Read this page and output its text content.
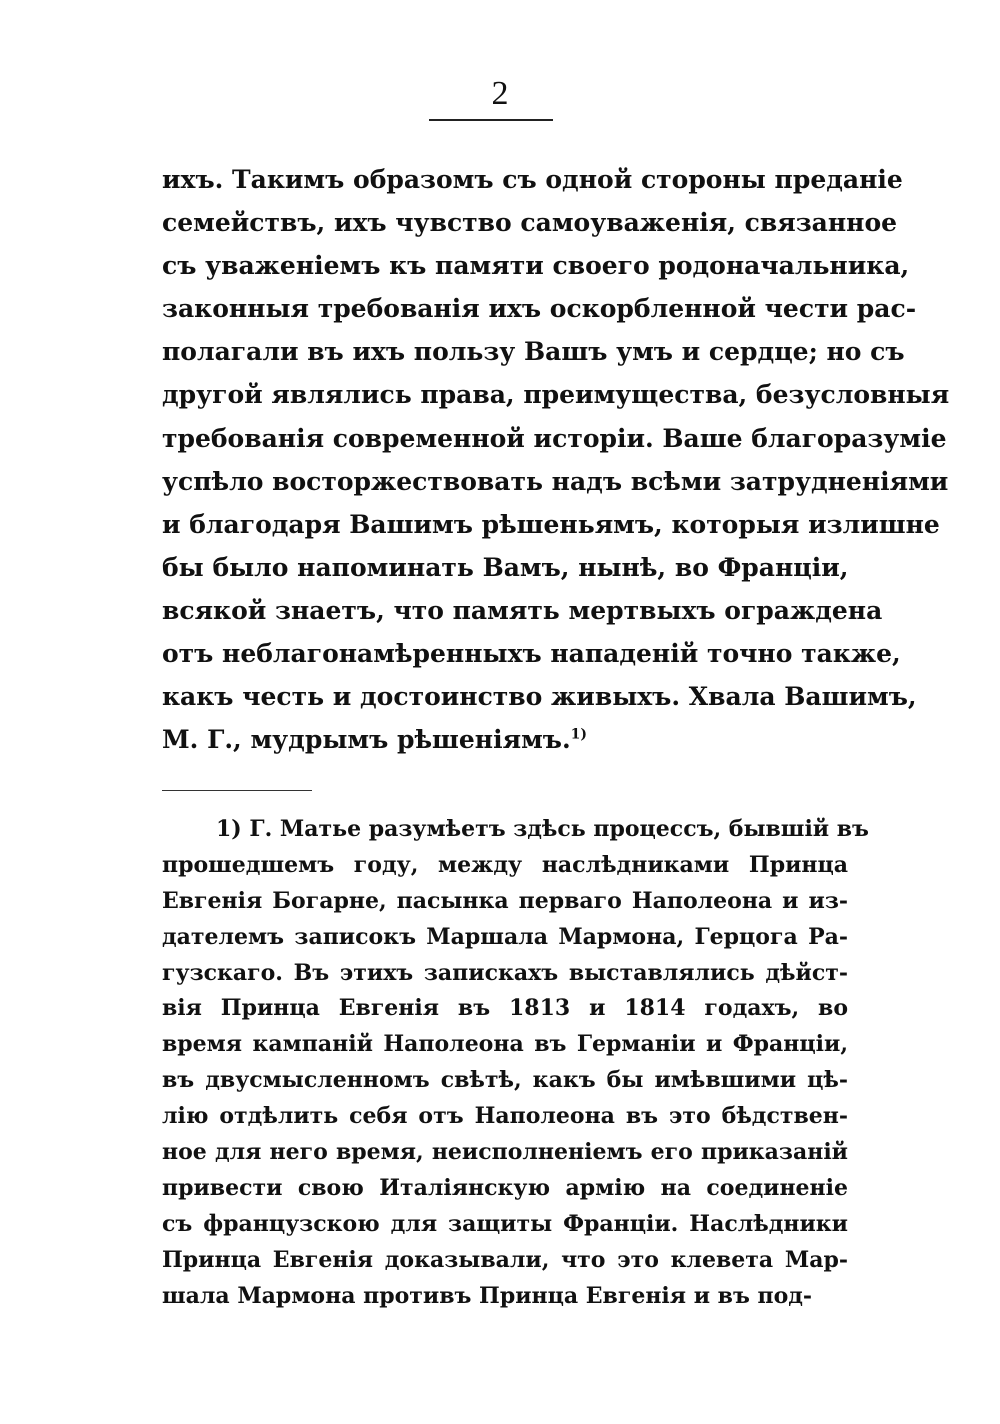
2
ихъ. Такимъ образомъ съ одной стороны преданіе
семействъ, ихъ чувство самоуваженія, связанное
съ уваженіемъ къ памяти своего родоначальника,
законныя требованія ихъ оскорбленной чести рас-
полагали въ ихъ пользу Вашъ умъ и сердце; но съ
другой являлись права, преимущества, безусловныя
требованія современной исторіи. Ваше благоразуміе
успѣло восторжествовать надъ всѣми затрудненіями
и благодаря Вашимъ рѣшеньямъ, которыя излишне
бы было напоминать Вамъ, нынѣ, во Франціи,
всякой знаетъ, что память мертвыхъ ограждена
отъ неблагонамѣренныхъ нападеній точно также,
какъ честь и достоинство живыхъ. Хвала Вашимъ,
М. Г., мудрымъ рѣшеніямъ.$^{1)}$
1) Г. Матье разумѣетъ здѣсь процессъ, бывшій въ
прошедшемъ году, между наслѣдниками Принца
Евгенія Богарне, пасынка перваго Наполеона и из-
дателемъ записокъ Маршала Мармона, Герцога Ра-
гузскаго. Въ этихъ запискахъ выставлялись дѣйст-
вія Принца Евгенія въ 1813 и 1814 годахъ, во
время кампаній Наполеона въ Германіи и Франціи,
въ двусмысленномъ свѣтѣ, какъ бы имѣвшими цѣ-
лію отдѣлить себя отъ Наполеона въ это бѣдствен-
ное для него время, неисполненіемъ его приказаній
привести свою Италіянскую армію на соединеніе
съ французскою для защиты Франціи. Наслѣдники
Принца Евгенія доказывали, что это клевета Мар-
шала Мармона противъ Принца Евгенія и въ под-
